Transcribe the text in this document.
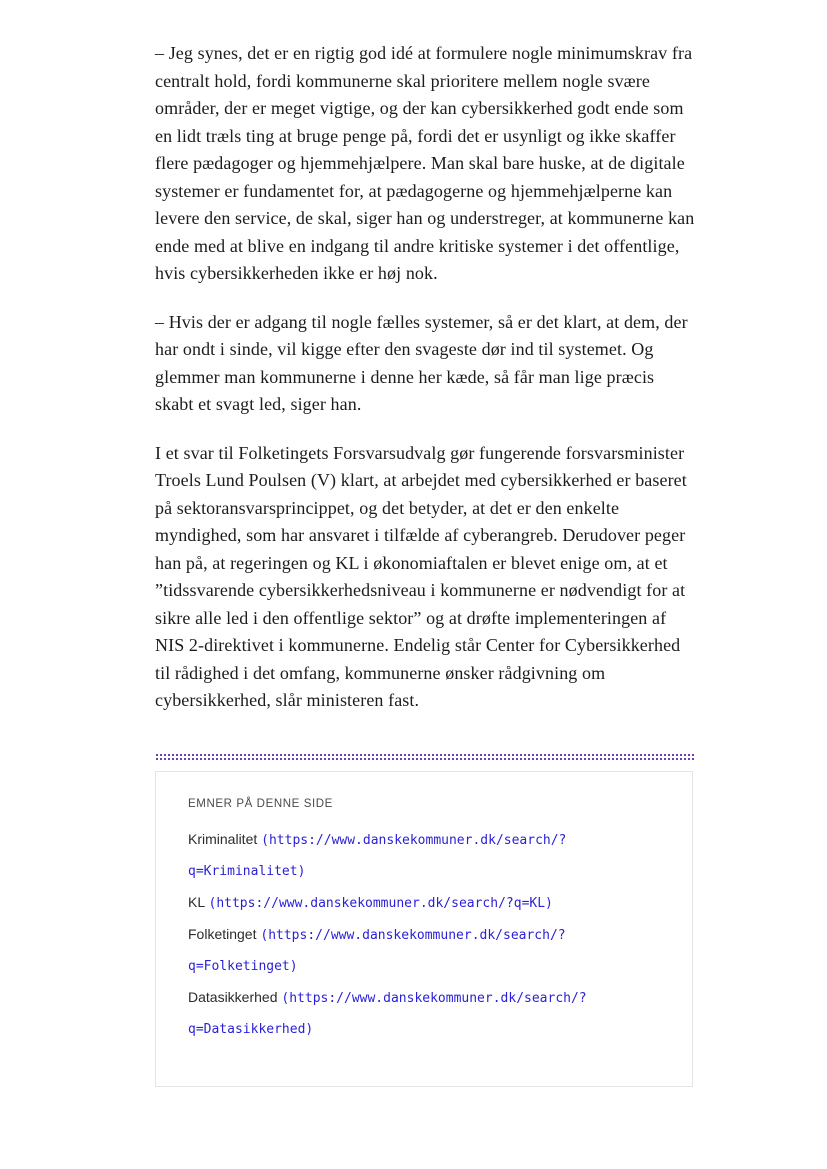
– Jeg synes, det er en rigtig god idé at formulere nogle minimumskrav fra centralt hold, fordi kommunerne skal prioritere mellem nogle svære områder, der er meget vigtige, og der kan cybersikkerhed godt ende som en lidt træls ting at bruge penge på, fordi det er usynligt og ikke skaffer flere pædagoger og hjemmehjælpere. Man skal bare huske, at de digitale systemer er fundamentet for, at pædagogerne og hjemmehjælperne kan levere den service, de skal, siger han og understreger, at kommunerne kan ende med at blive en indgang til andre kritiske systemer i det offentlige, hvis cybersikkerheden ikke er høj nok.

– Hvis der er adgang til nogle fælles systemer, så er det klart, at dem, der har ondt i sinde, vil kigge efter den svageste dør ind til systemet. Og glemmer man kommunerne i denne her kæde, så får man lige præcis skabt et svagt led, siger han.

I et svar til Folketingets Forsvarsudvalg gør fungerende forsvarsminister Troels Lund Poulsen (V) klart, at arbejdet med cybersikkerhed er baseret på sektoransvarsprincippet, og det betyder, at det er den enkelte myndighed, som har ansvaret i tilfælde af cyberangreb. Derudover peger han på, at regeringen og KL i økonomiaftalen er blevet enige om, at et ”tidssvarende cybersikkerhedsniveau i kommunerne er nødvendigt for at sikre alle led i den offentlige sektor” og at drøfte implementeringen af NIS 2-direktivet i kommunerne. Endelig står Center for Cybersikkerhed til rådighed i det omfang, kommunerne ønsker rådgivning om cybersikkerhed, slår ministeren fast.

EMNER PÅ DENNE SIDE
Kriminalitet (https://www.danskekommuner.dk/search/?​q=Kriminalitet)
KL (https://www.danskekommuner.dk/search/?​q=KL)
Folketinget (https://www.danskekommuner.dk/search/?​q=Folketinget)
Datasikkerhed (https://www.danskekommuner.dk/search/?​q=Datasikkerhed)
